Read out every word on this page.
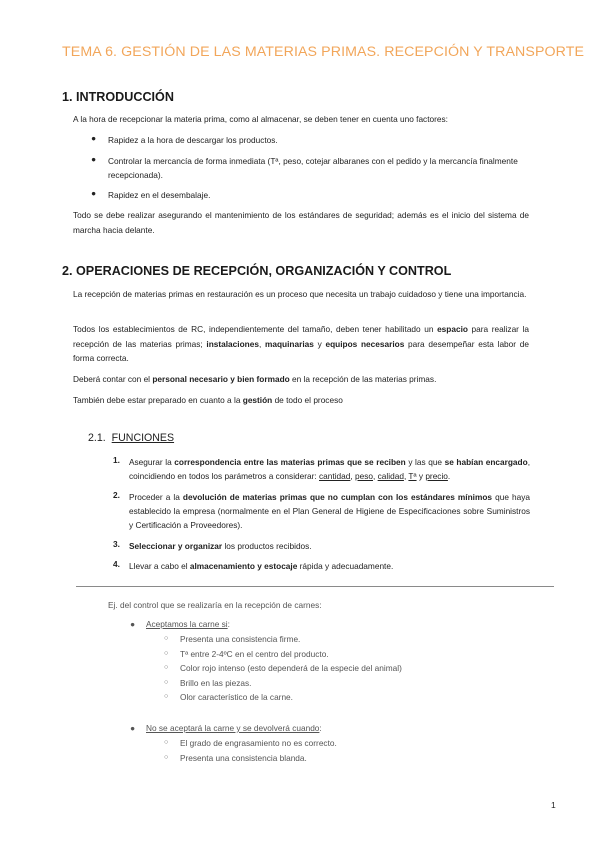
TEMA 6. GESTIÓN DE LAS MATERIAS PRIMAS. RECEPCIÓN Y TRANSPORTE
1. INTRODUCCIÓN
A la hora de recepcionar la materia prima, como al almacenar, se deben tener en cuenta uno factores:
● Rapidez a la hora de descargar los productos.
● Controlar la mercancía de forma inmediata (Tª, peso, cotejar albaranes con el pedido y la mercancía finalmente recepcionada).
● Rapidez en el desembalaje.
Todo se debe realizar asegurando el mantenimiento de los estándares de seguridad; además es el inicio del sistema de marcha hacia delante.
2. OPERACIONES DE RECEPCIÓN, ORGANIZACIÓN Y CONTROL
La recepción de materias primas en restauración es un proceso que necesita un trabajo cuidadoso y tiene una importancia.
Todos los establecimientos de RC, independientemente del tamaño, deben tener habilitado un espacio para realizar la recepción de las materias primas; instalaciones, maquinarias y equipos necesarios para desempeñar esta labor de forma correcta.
Deberá contar con el personal necesario y bien formado en la recepción de las materias primas.
También debe estar preparado en cuanto a la gestión de todo el proceso
2.1. FUNCIONES
1. Asegurar la correspondencia entre las materias primas que se reciben y las que se habían encargado, coincidiendo en todos los parámetros a considerar: cantidad, peso, calidad, Tª y precio.
2. Proceder a la devolución de materias primas que no cumplan con los estándares mínimos que haya establecido la empresa (normalmente en el Plan General de Higiene de Especificaciones sobre Suministros y Certificación a Proveedores).
3. Seleccionar y organizar los productos recibidos.
4. Llevar a cabo el almacenamiento y estocaje rápida y adecuadamente.
Ej. del control que se realizaría en la recepción de carnes:
● Aceptamos la carne si:
○ Presenta una consistencia firme.
○ Tª entre 2-4ºC en el centro del producto.
○ Color rojo intenso (esto dependerá de la especie del animal)
○ Brillo en las piezas.
○ Olor característico de la carne.
● No se aceptará la carne y se devolverá cuando:
○ El grado de engrasamiento no es correcto.
○ Presenta una consistencia blanda.
1
